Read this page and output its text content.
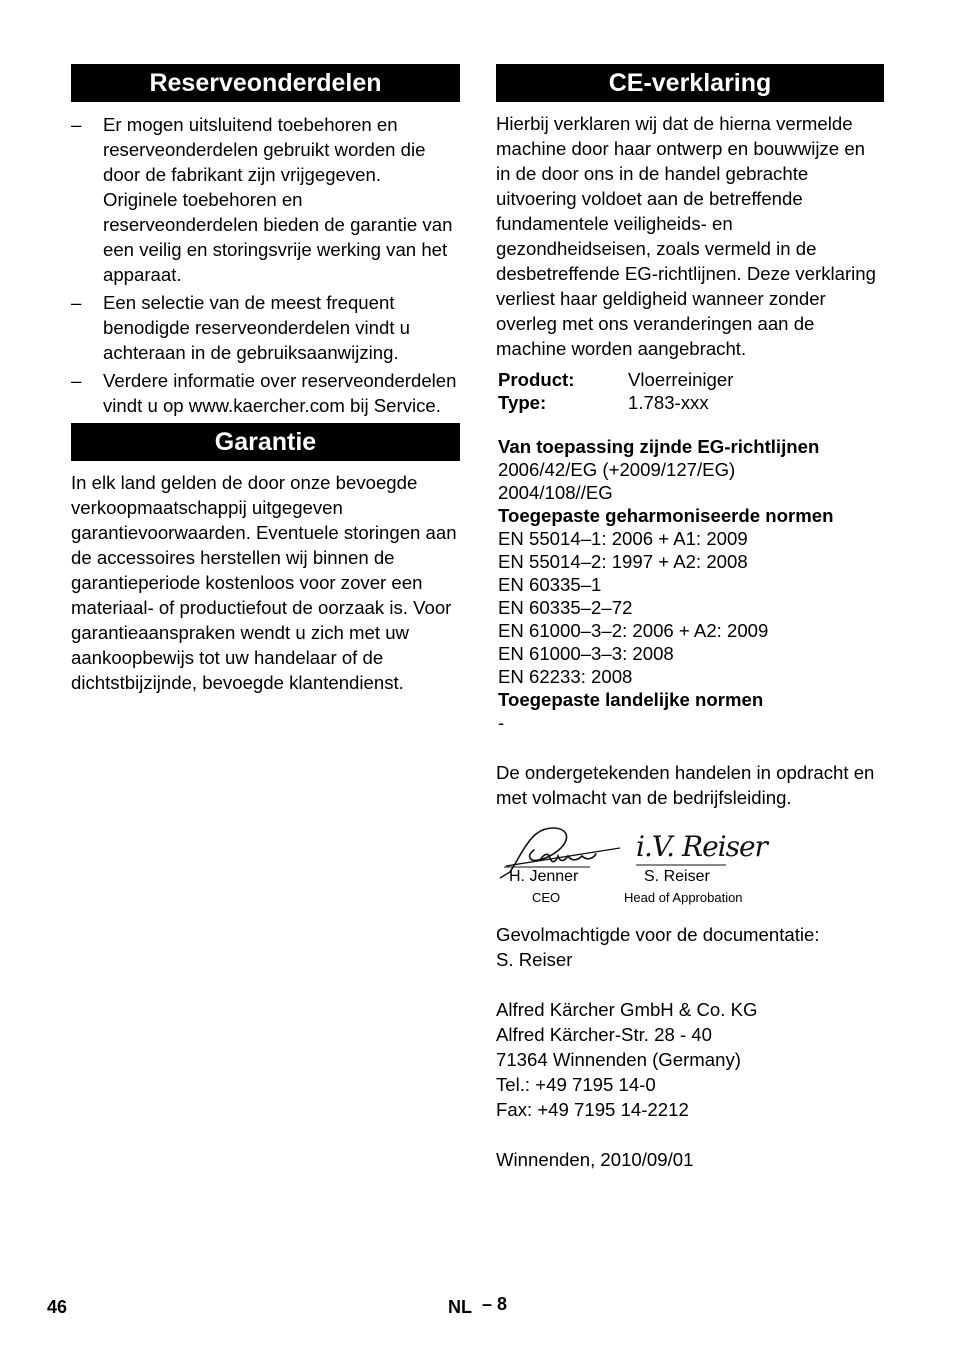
Reserveonderdelen
– Er mogen uitsluitend toebehoren en reserveonderdelen gebruikt worden die door de fabrikant zijn vrijgegeven. Originele toebehoren en reserveonderdelen bieden de garantie van een veilig en storingsvrije werking van het apparaat.
– Een selectie van de meest frequent benodigde reserveonderdelen vindt u achteraan in de gebruiksaanwijzing.
– Verdere informatie over reserveonderdelen vindt u op www.kaercher.com bij Service.
Garantie

In elk land gelden de door onze bevoegde verkoopmaatschappij uitgegeven garantievoorwaarden. Eventuele storingen aan de accessoires herstellen wij binnen de garantieperiode kostenloos voor zover een materiaal- of productiefout de oorzaak is. Voor garantieaanspraken wendt u zich met uw aankoopbewijs tot uw handelaar of de dichtstbijzijnde, bevoegde klantendienst.

CE-verklaring

Hierbij verklaren wij dat de hierna vermelde machine door haar ontwerp en bouwwijze en in de door ons in de handel gebrachte uitvoering voldoet aan de betreffende fundamentele veiligheids- en gezondheidseisen, zoals vermeld in de desbetreffende EG-richtlijnen. Deze verklaring verliest haar geldigheid wanneer zonder overleg met ons veranderingen aan de machine worden aangebracht.

Product:	Vloerreiniger
Type:	1.783-xxx
Van toepassing zijnde EG-richtlijnen
2006/42/EG (+2009/127/EG)
2004/108//EG
Toegepaste geharmoniseerde normen
EN 55014–1: 2006 + A1: 2009
EN 55014–2: 1997 + A2: 2008
EN 60335–1
EN 60335–2–72
EN 61000–3–2: 2006 + A2: 2009
EN 61000–3–3: 2008
EN 62233: 2008
Toegepaste landelijke normen
-

De ondergetekenden handelen in opdracht en met volmacht van de bedrijfsleiding.

i.V. Reiser
H. Jenner
CEO
S. Reiser
Head of Approbation
Gevolmachtigde voor de documentatie:
S. Reiser
Alfred Kärcher GmbH & Co. KG
Alfred Kärcher-Str. 28 - 40
71364 Winnenden (Germany)
Tel.: +49 7195 14-0
Fax: +49 7195 14-2212

Winnenden, 2010/09/01

46	NL – 8
